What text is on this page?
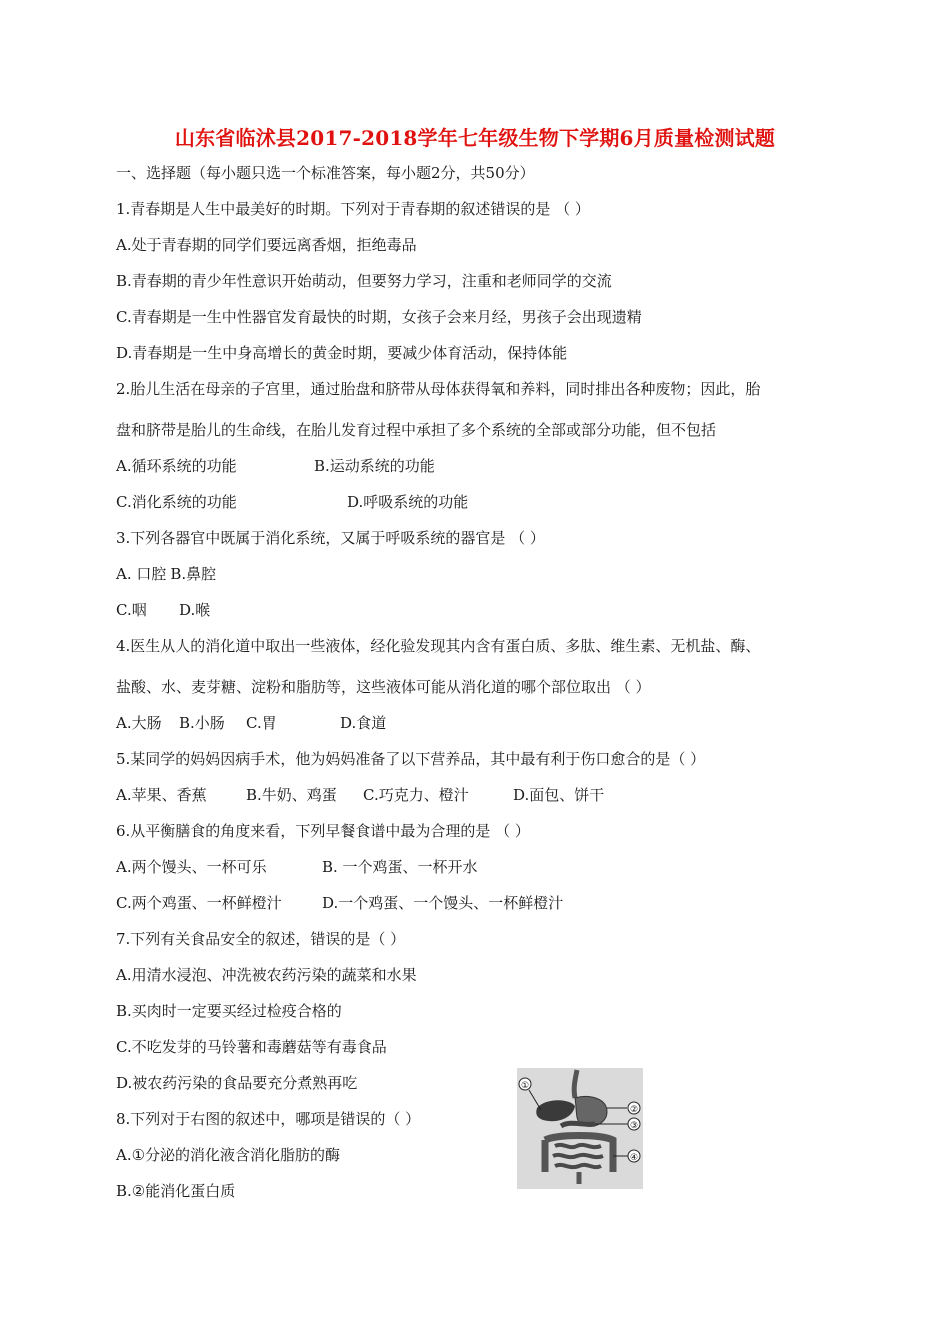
山东省临沭县2017-2018学年七年级生物下学期6月质量检测试题
一、选择题（每小题只选一个标准答案，每小题2分，共50分）
1.青春期是人生中最美好的时期。下列对于青春期的叙述错误的是 （ ）
A.处于青春期的同学们要远离香烟，拒绝毒品
B.青春期的青少年性意识开始萌动，但要努力学习，注重和老师同学的交流
C.青春期是一生中性器官发育最快的时期，女孩子会来月经，男孩子会出现遗精
D.青春期是一生中身高增长的黄金时期，要减少体育活动，保持体能
2.胎儿生活在母亲的子宫里，通过胎盘和脐带从母体获得氧和养料，同时排出各种废物；因此，胎
盘和脐带是胎儿的生命线，在胎儿发育过程中承担了多个系统的全部或部分功能，但不包括
A.循环系统的功能	B.运动系统的功能
C.消化系统的功能	D.呼吸系统的功能
3.下列各器官中既属于消化系统，又属于呼吸系统的器官是 （ ）
A. 口腔 B.鼻腔
C.咽 D.喉
4.医生从人的消化道中取出一些液体，经化验发现其内含有蛋白质、多肽、维生素、无机盐、酶、
盐酸、水、麦芽糖、淀粉和脂肪等，这些液体可能从消化道的哪个部位取出 （ ）
A.大肠 B.小肠 C.胃	D.食道
5.某同学的妈妈因病手术，他为妈妈准备了以下营养品，其中最有利于伤口愈合的是（ ）
A.苹果、香蕉	B.牛奶、鸡蛋 C.巧克力、橙汁	D.面包、饼干
6.从平衡膳食的角度来看，下列早餐食谱中最为合理的是 （ ）
A.两个馒头、一杯可乐	B. 一个鸡蛋、一杯开水
C.两个鸡蛋、一杯鲜橙汁	D.一个鸡蛋、一个馒头、一杯鲜橙汁
7.下列有关食品安全的叙述，错误的是（ ）
A.用清水浸泡、冲洗被农药污染的蔬菜和水果
B.买肉时一定要买经过检疫合格的
C.不吃发芽的马铃薯和毒蘑菇等有毒食品
D.被农药污染的食品要充分煮熟再吃
8.下列对于右图的叙述中，哪项是错误的（ ）
A.①分泌的消化液含消化脂肪的酶
B.②能消化蛋白质
①
②
③
④
